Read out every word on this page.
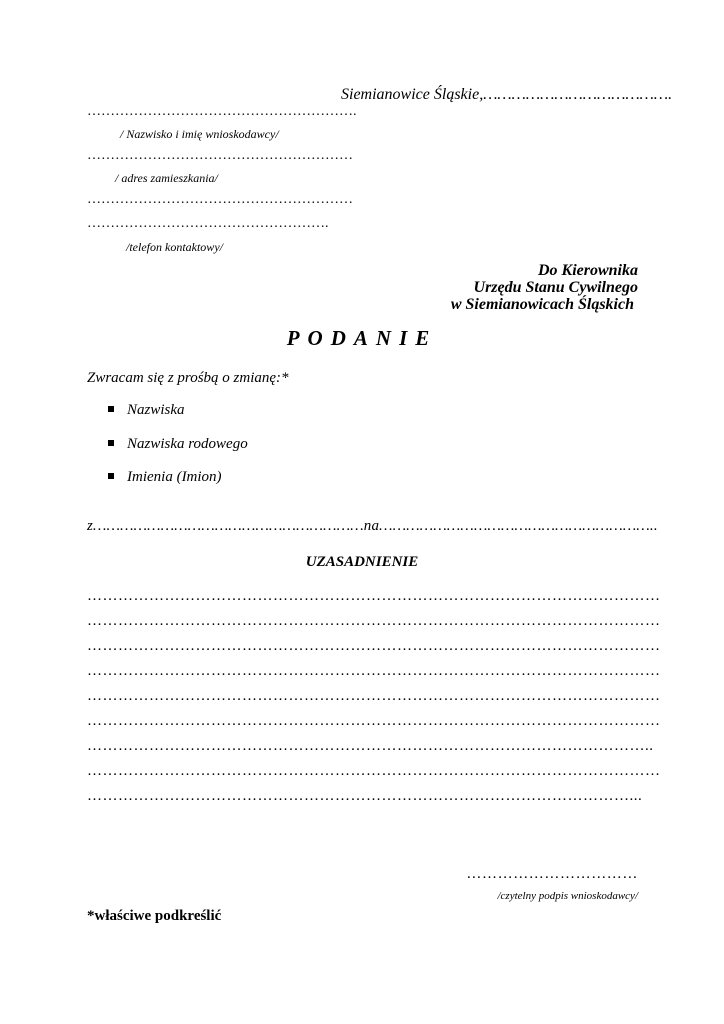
Siemianowice Śląskie,………………………………….
………………………………………………….
/ Nazwisko i imię wnioskodawcy/
…………………………………………………
/ adres zamieszkania/
…………………………………………………
…………………………………………….
/telefon kontaktowy/
Do Kierownika
Urzędu Stanu Cywilnego
w Siemianowicach Śląskich
PODANIE
Zwracam się z prośbą o zmianę:*
Nazwiska
Nazwiska rodowego
Imienia (Imion)
z……………………………………………………na……………………………………………………..
UZASADNIENIE
…………………………………………………………………………………………………
…………………………………………………………………………………………………
…………………………………………………………………………………………………
…………………………………………………………………………………………………
…………………………………………………………………………………………………
…………………………………………………………………………………………………
………………………………………………………………………………………………..
…………………………………………………………………………………………………
……………………………………………………………………………………………...
……………………………
/czytelny podpis wnioskodawcy/
*właściwe podkreślić
